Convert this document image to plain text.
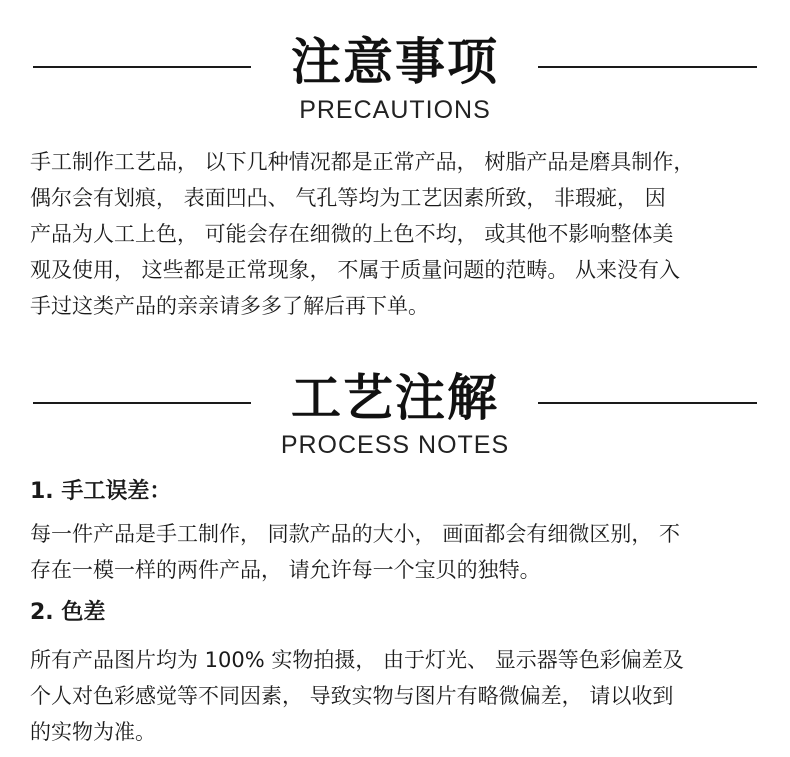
注意事项
PRECAUTIONS
手工制作工艺品， 以下几种情况都是正常产品， 树脂产品是磨具制作，
偶尔会有划痕， 表面凹凸、 气孔等均为工艺因素所致， 非瑕疵， 因
产品为人工上色， 可能会存在细微的上色不均， 或其他不影响整体美
观及使用， 这些都是正常现象， 不属于质量问题的范畴。 从来没有入
手过这类产品的亲亲请多多了解后再下单。
工艺注解
PROCESS NOTES
1. 手工误差：
每一件产品是手工制作， 同款产品的大小， 画面都会有细微区别， 不
存在一模一样的两件产品， 请允许每一个宝贝的独特。
2. 色差
所有产品图片均为 100% 实物拍摄， 由于灯光、 显示器等色彩偏差及
个人对色彩感觉等不同因素， 导致实物与图片有略微偏差， 请以收到
的实物为准。
